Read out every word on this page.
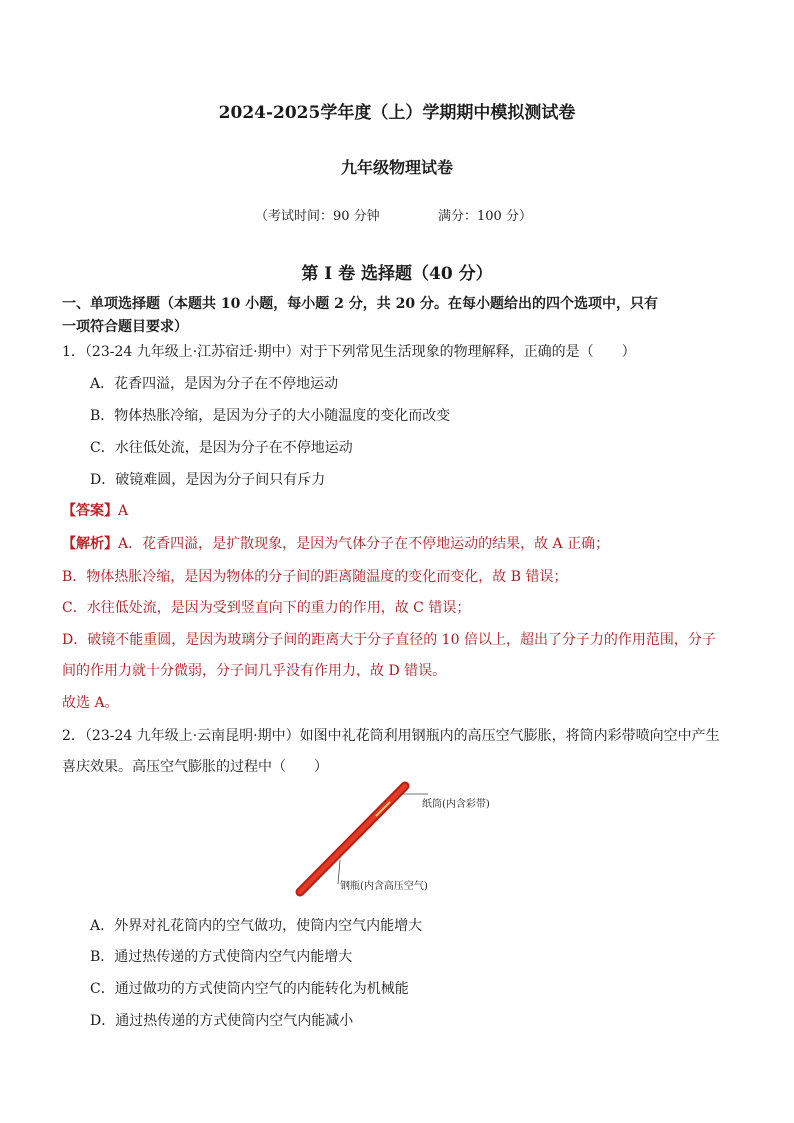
2024-2025学年度（上）学期期中模拟测试卷
九年级物理试卷
（考试时间：90 分钟	满分：100 分）
第 I 卷 选择题（40 分）
一、单项选择题（本题共 10 小题，每小题 2 分，共 20 分。在每小题给出的四个选项中，只有
一项符合题目要求）
1．（23-24 九年级上·江苏宿迁·期中）对于下列常见生活现象的物理解释，正确的是（　　）
A．花香四溢，是因为分子在不停地运动
B．物体热胀冷缩，是因为分子的大小随温度的变化而改变
C．水往低处流，是因为分子在不停地运动
D．破镜难圆，是因为分子间只有斥力
【答案】A
【解析】A．花香四溢，是扩散现象，是因为气体分子在不停地运动的结果，故 A 正确；
B．物体热胀冷缩，是因为物体的分子间的距离随温度的变化而变化，故 B 错误；
C．水往低处流，是因为受到竖直向下的重力的作用，故 C 错误；
D．破镜不能重圆，是因为玻璃分子间的距离大于分子直径的 10 倍以上，超出了分子力的作用范围，分子
间的作用力就十分微弱，分子间几乎没有作用力，故 D 错误。
故选 A。
2．（23-24 九年级上·云南昆明·期中）如图中礼花筒利用钢瓶内的高压空气膨胀，将筒内彩带喷向空中产生
喜庆效果。高压空气膨胀的过程中（　　）
纸筒(内含彩带)
钢瓶(内含高压空气)
A．外界对礼花筒内的空气做功，使筒内空气内能增大
B．通过热传递的方式使筒内空气内能增大
C．通过做功的方式使筒内空气的内能转化为机械能
D．通过热传递的方式使筒内空气内能减小
